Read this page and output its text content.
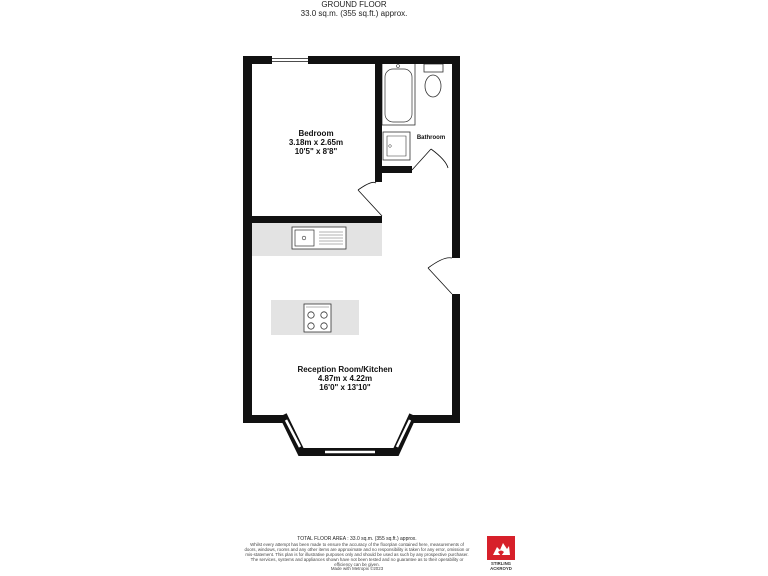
GROUND FLOOR
33.0 sq.m. (355 sq.ft.) approx.
Bedroom
3.18m x 2.65m
10'5" x 8'8"
Bathroom
Reception Room/Kitchen
4.87m x 4.22m
16'0" x 13'10"
TOTAL FLOOR AREA : 33.0 sq.m. (355 sq.ft.) approx.
Whilst every attempt has been made to ensure the accuracy of the floorplan contained here, measurements of doors, windows, rooms and any other items are approximate and no responsibility is taken for any error, omission or mis-statement. This plan is for illustrative purposes only and should be used as such by any prospective purchaser. The services, systems and appliances shown have not been tested and no guarantee as to their operability or efficiency can be given.
Made with Metropix ©2023
STIRLING
ACKROYD
